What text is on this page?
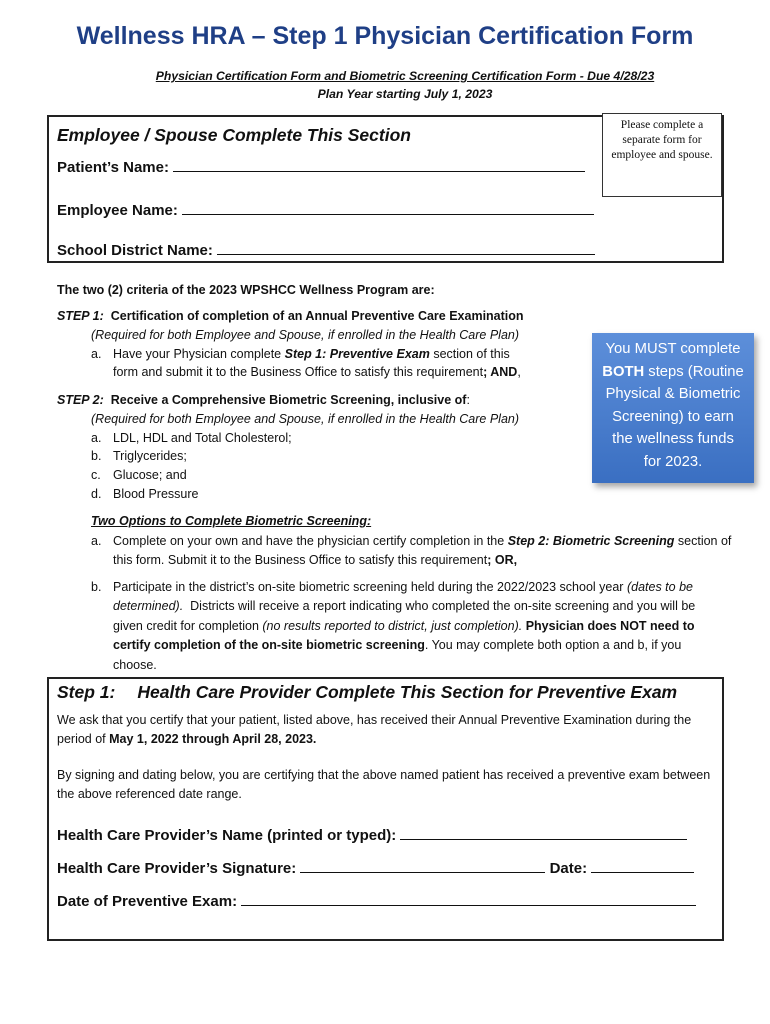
Wellness HRA – Step 1 Physician Certification Form
Physician Certification Form and Biometric Screening Certification Form - Due 4/28/23
Plan Year starting July 1, 2023
Employee / Spouse Complete This Section	Please complete a separate form for employee and spouse.
Patient’s Name:
Employee Name:
School District Name:
The two (2) criteria of the 2023 WPSHCC Wellness Program are:
STEP 1: Certification of completion of an Annual Preventive Care Examination
(Required for both Employee and Spouse, if enrolled in the Health Care Plan)
a. Have your Physician complete Step 1: Preventive Exam section of this
form and submit it to the Business Office to satisfy this requirement; AND,
STEP 2: Receive a Comprehensive Biometric Screening, inclusive of:
(Required for both Employee and Spouse, if enrolled in the Health Care Plan)
a. LDL, HDL and Total Cholesterol;
b. Triglycerides;
c. Glucose; and
d. Blood Pressure
You MUST complete
BOTH steps (Routine
Physical & Biometric
Screening) to earn
the wellness funds
for 2023.
Two Options to Complete Biometric Screening:
a. Complete on your own and have the physician certify completion in the Step 2: Biometric Screening section of this form. Submit it to the Business Office to satisfy this requirement; OR,
b. Participate in the district’s on-site biometric screening held during the 2022/2023 school year (dates to be determined). Districts will receive a report indicating who completed the on-site screening and you will be given credit for completion (no results reported to district, just completion). Physician does NOT need to certify completion of the on-site biometric screening. You may complete both option a and b, if you choose.
Step 1: Health Care Provider Complete This Section for Preventive Exam
We ask that you certify that your patient, listed above, has received their Annual Preventive Examination during the period of May 1, 2022 through April 28, 2023.
By signing and dating below, you are certifying that the above named patient has received a preventive exam between the above referenced date range.
Health Care Provider’s Name (printed or typed):
Health Care Provider’s Signature:	Date:
Date of Preventive Exam:
